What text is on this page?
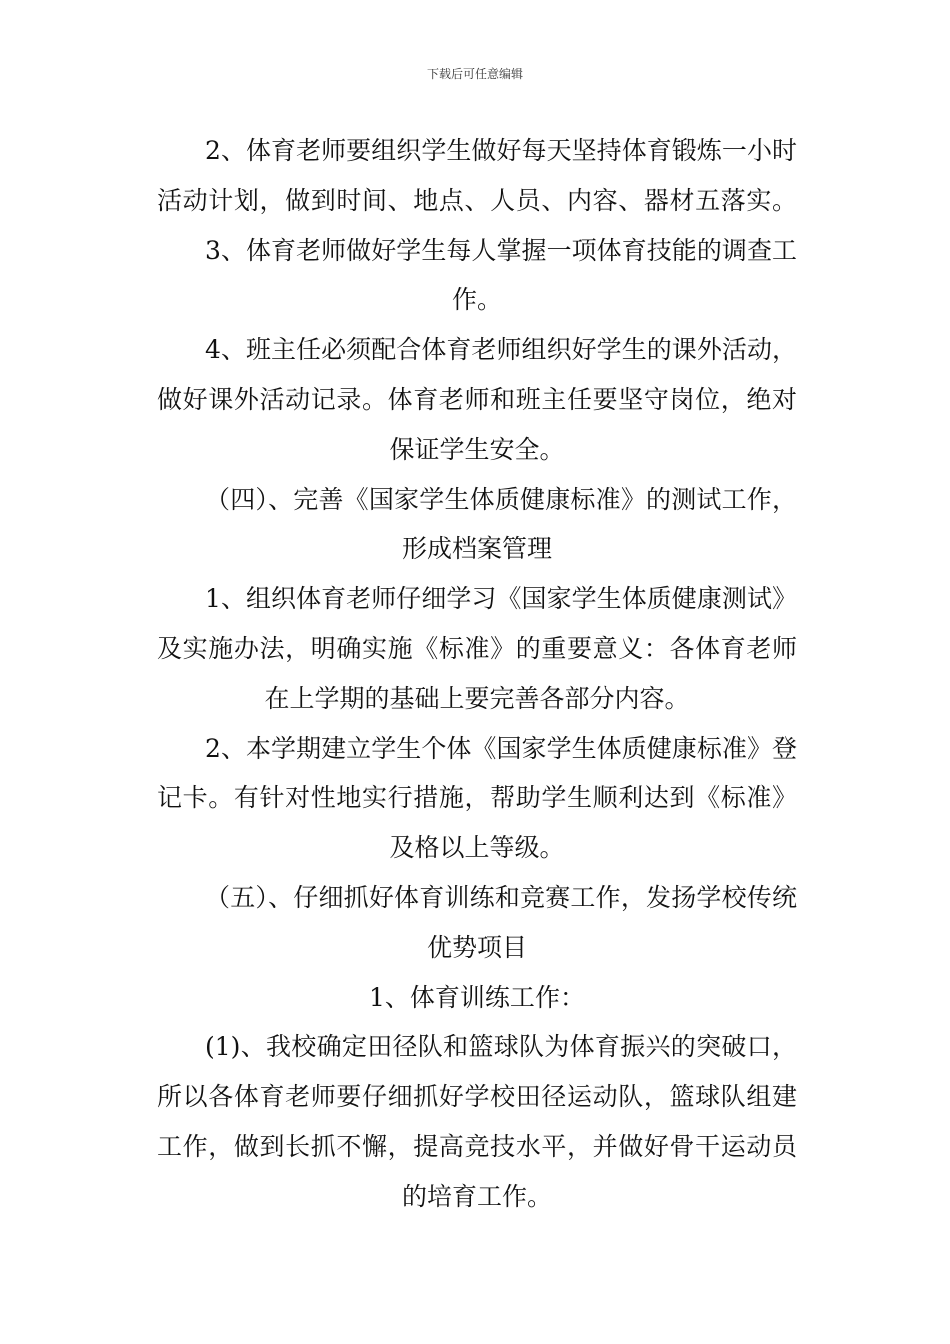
下载后可任意编辑
2、体育老师要组织学生做好每天坚持体育锻炼一小时
活动计划，做到时间、地点、人员、内容、器材五落实。
3、体育老师做好学生每人掌握一项体育技能的调查工
作。
4、班主任必须配合体育老师组织好学生的课外活动，
做好课外活动记录。体育老师和班主任要坚守岗位，绝对
保证学生安全。
（四）、完善《国家学生体质健康标准》的测试工作，
形成档案管理
1、组织体育老师仔细学习《国家学生体质健康测试》
及实施办法，明确实施《标准》的重要意义：各体育老师
在上学期的基础上要完善各部分内容。
2、本学期建立学生个体《国家学生体质健康标准》登
记卡。有针对性地实行措施，帮助学生顺利达到《标准》
及格以上等级。
（五）、仔细抓好体育训练和竞赛工作，发扬学校传统
优势项目
1、体育训练工作：
(1)、我校确定田径队和篮球队为体育振兴的突破口，
所以各体育老师要仔细抓好学校田径运动队，篮球队组建
工作，做到长抓不懈，提高竞技水平，并做好骨干运动员
的培育工作。
